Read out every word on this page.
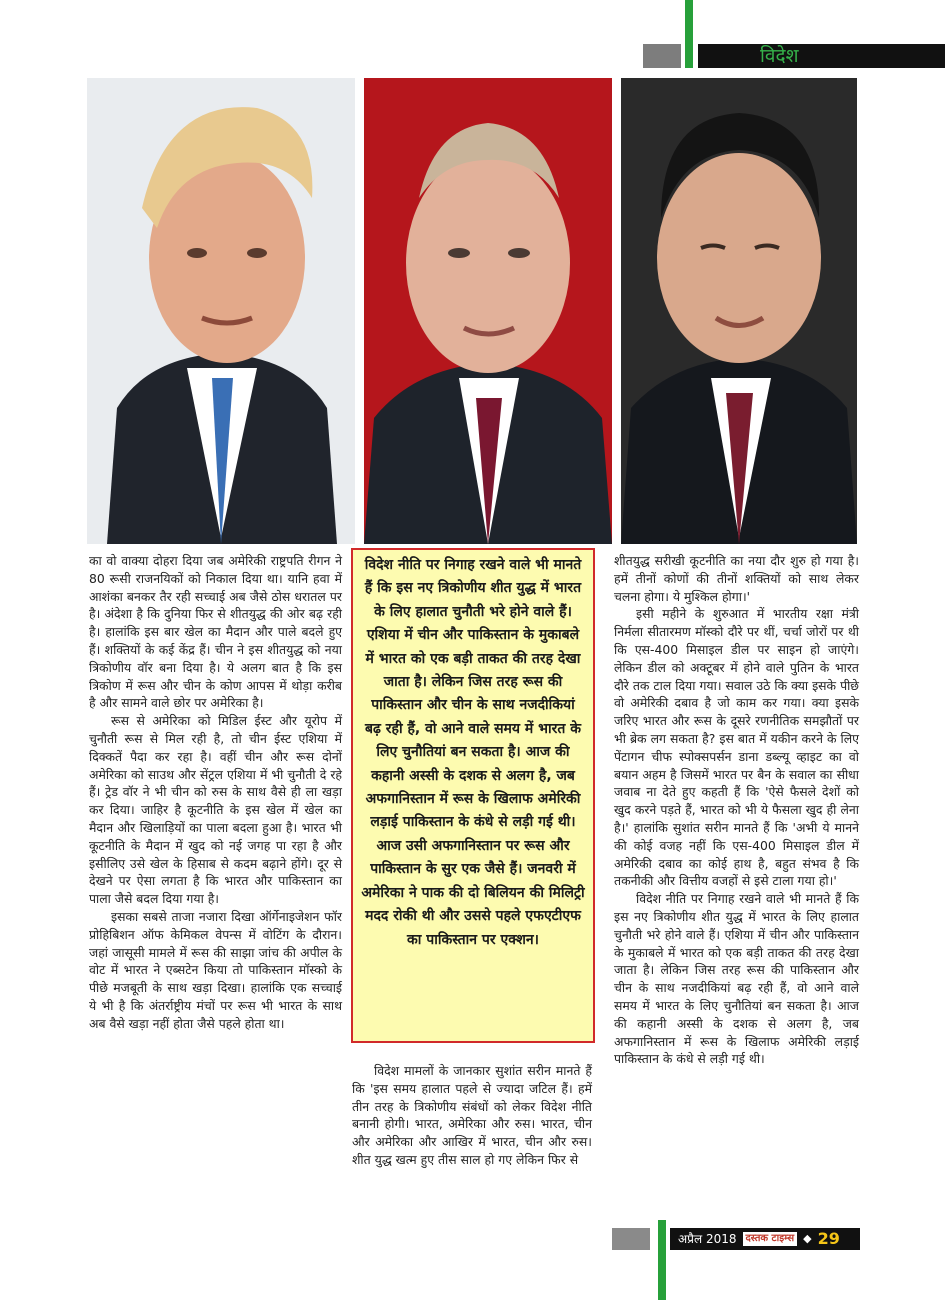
विदेश

का वो वाक्या दोहरा दिया जब अमेरिकी राष्ट्रपति रीगन ने 80 रूसी राजनयिकों को निकाल दिया था। यानि हवा में आशंका बनकर तैर रही सच्चाई अब जैसे ठोस धरातल पर है। अंदेशा है कि दुनिया फिर से शीतयुद्ध की ओर बढ़ रही है। हालांकि इस बार खेल का मैदान और पाले बदले हुए हैं। शक्तियों के कई केंद्र हैं। चीन ने इस शीतयुद्ध को नया त्रिकोणीय वॉर बना दिया है। ये अलग बात है कि इस त्रिकोण में रूस और चीन के कोण आपस में थोड़ा करीब है और सामने वाले छोर पर अमेरिका है।

रूस से अमेरिका को मिडिल ईस्ट और यूरोप में चुनौती रूस से मिल रही है, तो चीन ईस्ट एशिया में दिक्कतें पैदा कर रहा है। वहीं चीन और रूस दोनों अमेरिका को साउथ और सेंट्रल एशिया में भी चुनौती दे रहे हैं। ट्रेड वॉर ने भी चीन को रुस के साथ वैसे ही ला खड़ा कर दिया। जाहिर है कूटनीति के इस खेल में खेल का मैदान और खिलाड़ियों का पाला बदला हुआ है। भारत भी कूटनीति के मैदान में खुद को नई जगह पा रहा है और इसीलिए उसे खेल के हिसाब से कदम बढ़ाने होंगे। दूर से देखने पर ऐसा लगता है कि भारत और पाकिस्तान का पाला जैसे बदल दिया गया है।

इसका सबसे ताजा नजारा दिखा ऑर्गेनाइजेशन फॉर प्रोहिबिशन ऑफ केमिकल वेपन्स में वोटिंग के दौरान। जहां जासूसी मामले में रूस की साझा जांच की अपील के वोट में भारत ने एब्सटेन किया तो पाकिस्तान मॉस्को के पीछे मजबूती के साथ खड़ा दिखा। हालांकि एक सच्चाई ये भी है कि अंतर्राष्ट्रीय मंचों पर रूस भी भारत के साथ अब वैसे खड़ा नहीं होता जैसे पहले होता था।

विदेश नीति पर निगाह रखने वाले भी मानते हैं कि इस नए त्रिकोणीय शीत युद्ध में भारत के लिए हालात चुनौती भरे होने वाले हैं। एशिया में चीन और पाकिस्तान के मुकाबले में भारत को एक बड़ी ताकत की तरह देखा जाता है। लेकिन जिस तरह रूस की पाकिस्तान और चीन के साथ नजदीकियां बढ़ रही हैं, वो आने वाले समय में भारत के लिए चुनौतियां बन सकता है। आज की कहानी अस्सी के दशक से अलग है, जब अफगानिस्तान में रूस के खिलाफ अमेरिकी लड़ाई पाकिस्तान के कंधे से लड़ी गई थी। आज उसी अफगानिस्तान पर रूस और पाकिस्तान के सुर एक जैसे हैं। जनवरी में अमेरिका ने पाक की दो बिलियन की मिलिट्री मदद रोकी थी और उससे पहले एफएटीएफ का पाकिस्तान पर एक्शन।

विदेश मामलों के जानकार सुशांत सरीन मानते हैं कि 'इस समय हालात पहले से ज्यादा जटिल हैं। हमें तीन तरह के त्रिकोणीय संबंधों को लेकर विदेश नीति बनानी होगी। भारत, अमेरिका और रुस। भारत, चीन और अमेरिका और आखिर में भारत, चीन और रुस। शीत युद्ध खत्म हुए तीस साल हो गए लेकिन फिर से

शीतयुद्ध सरीखी कूटनीति का नया दौर शुरु हो गया है। हमें तीनों कोणों की तीनों शक्तियों को साथ लेकर चलना होगा। ये मुश्किल होगा।'

इसी महीने के शुरुआत में भारतीय रक्षा मंत्री निर्मला सीतारमण मॉस्को दौरे पर थीं, चर्चा जोरों पर थी कि एस-400 मिसाइल डील पर साइन हो जाएंगे। लेकिन डील को अक्टूबर में होने वाले पुतिन के भारत दौरे तक टाल दिया गया। सवाल उठे कि क्या इसके पीछे वो अमेरिकी दबाव है जो काम कर गया। क्या इसके जरिए भारत और रूस के दूसरे रणनीतिक समझौतों पर भी ब्रेक लग सकता है? इस बात में यकीन करने के लिए पेंटागन चीफ स्पोक्सपर्सन डाना डब्ल्यू व्हाइट का वो बयान अहम है जिसमें भारत पर बैन के सवाल का सीधा जवाब ना देते हुए कहती हैं कि 'ऐसे फैसले देशों को खुद करने पड़ते हैं, भारत को भी ये फैसला खुद ही लेना है।' हालांकि सुशांत सरीन मानते हैं कि 'अभी ये मानने की कोई वजह नहीं कि एस-400 मिसाइल डील में अमेरिकी दबाव का कोई हाथ है, बहुत संभव है कि तकनीकी और वित्तीय वजहों से इसे टाला गया हो।'

विदेश नीति पर निगाह रखने वाले भी मानते हैं कि इस नए त्रिकोणीय शीत युद्ध में भारत के लिए हालात चुनौती भरे होने वाले हैं। एशिया में चीन और पाकिस्तान के मुकाबले में भारत को एक बड़ी ताकत की तरह देखा जाता है। लेकिन जिस तरह रूस की पाकिस्तान और चीन के साथ नजदीकियां बढ़ रही हैं, वो आने वाले समय में भारत के लिए चुनौतियां बन सकता है। आज की कहानी अस्सी के दशक से अलग है, जब अफगानिस्तान में रूस के खिलाफ अमेरिकी लड़ाई पाकिस्तान के कंधे से लड़ी गई थी।

अप्रैल 2018 दस्तक टाइम्स ◆ 29
